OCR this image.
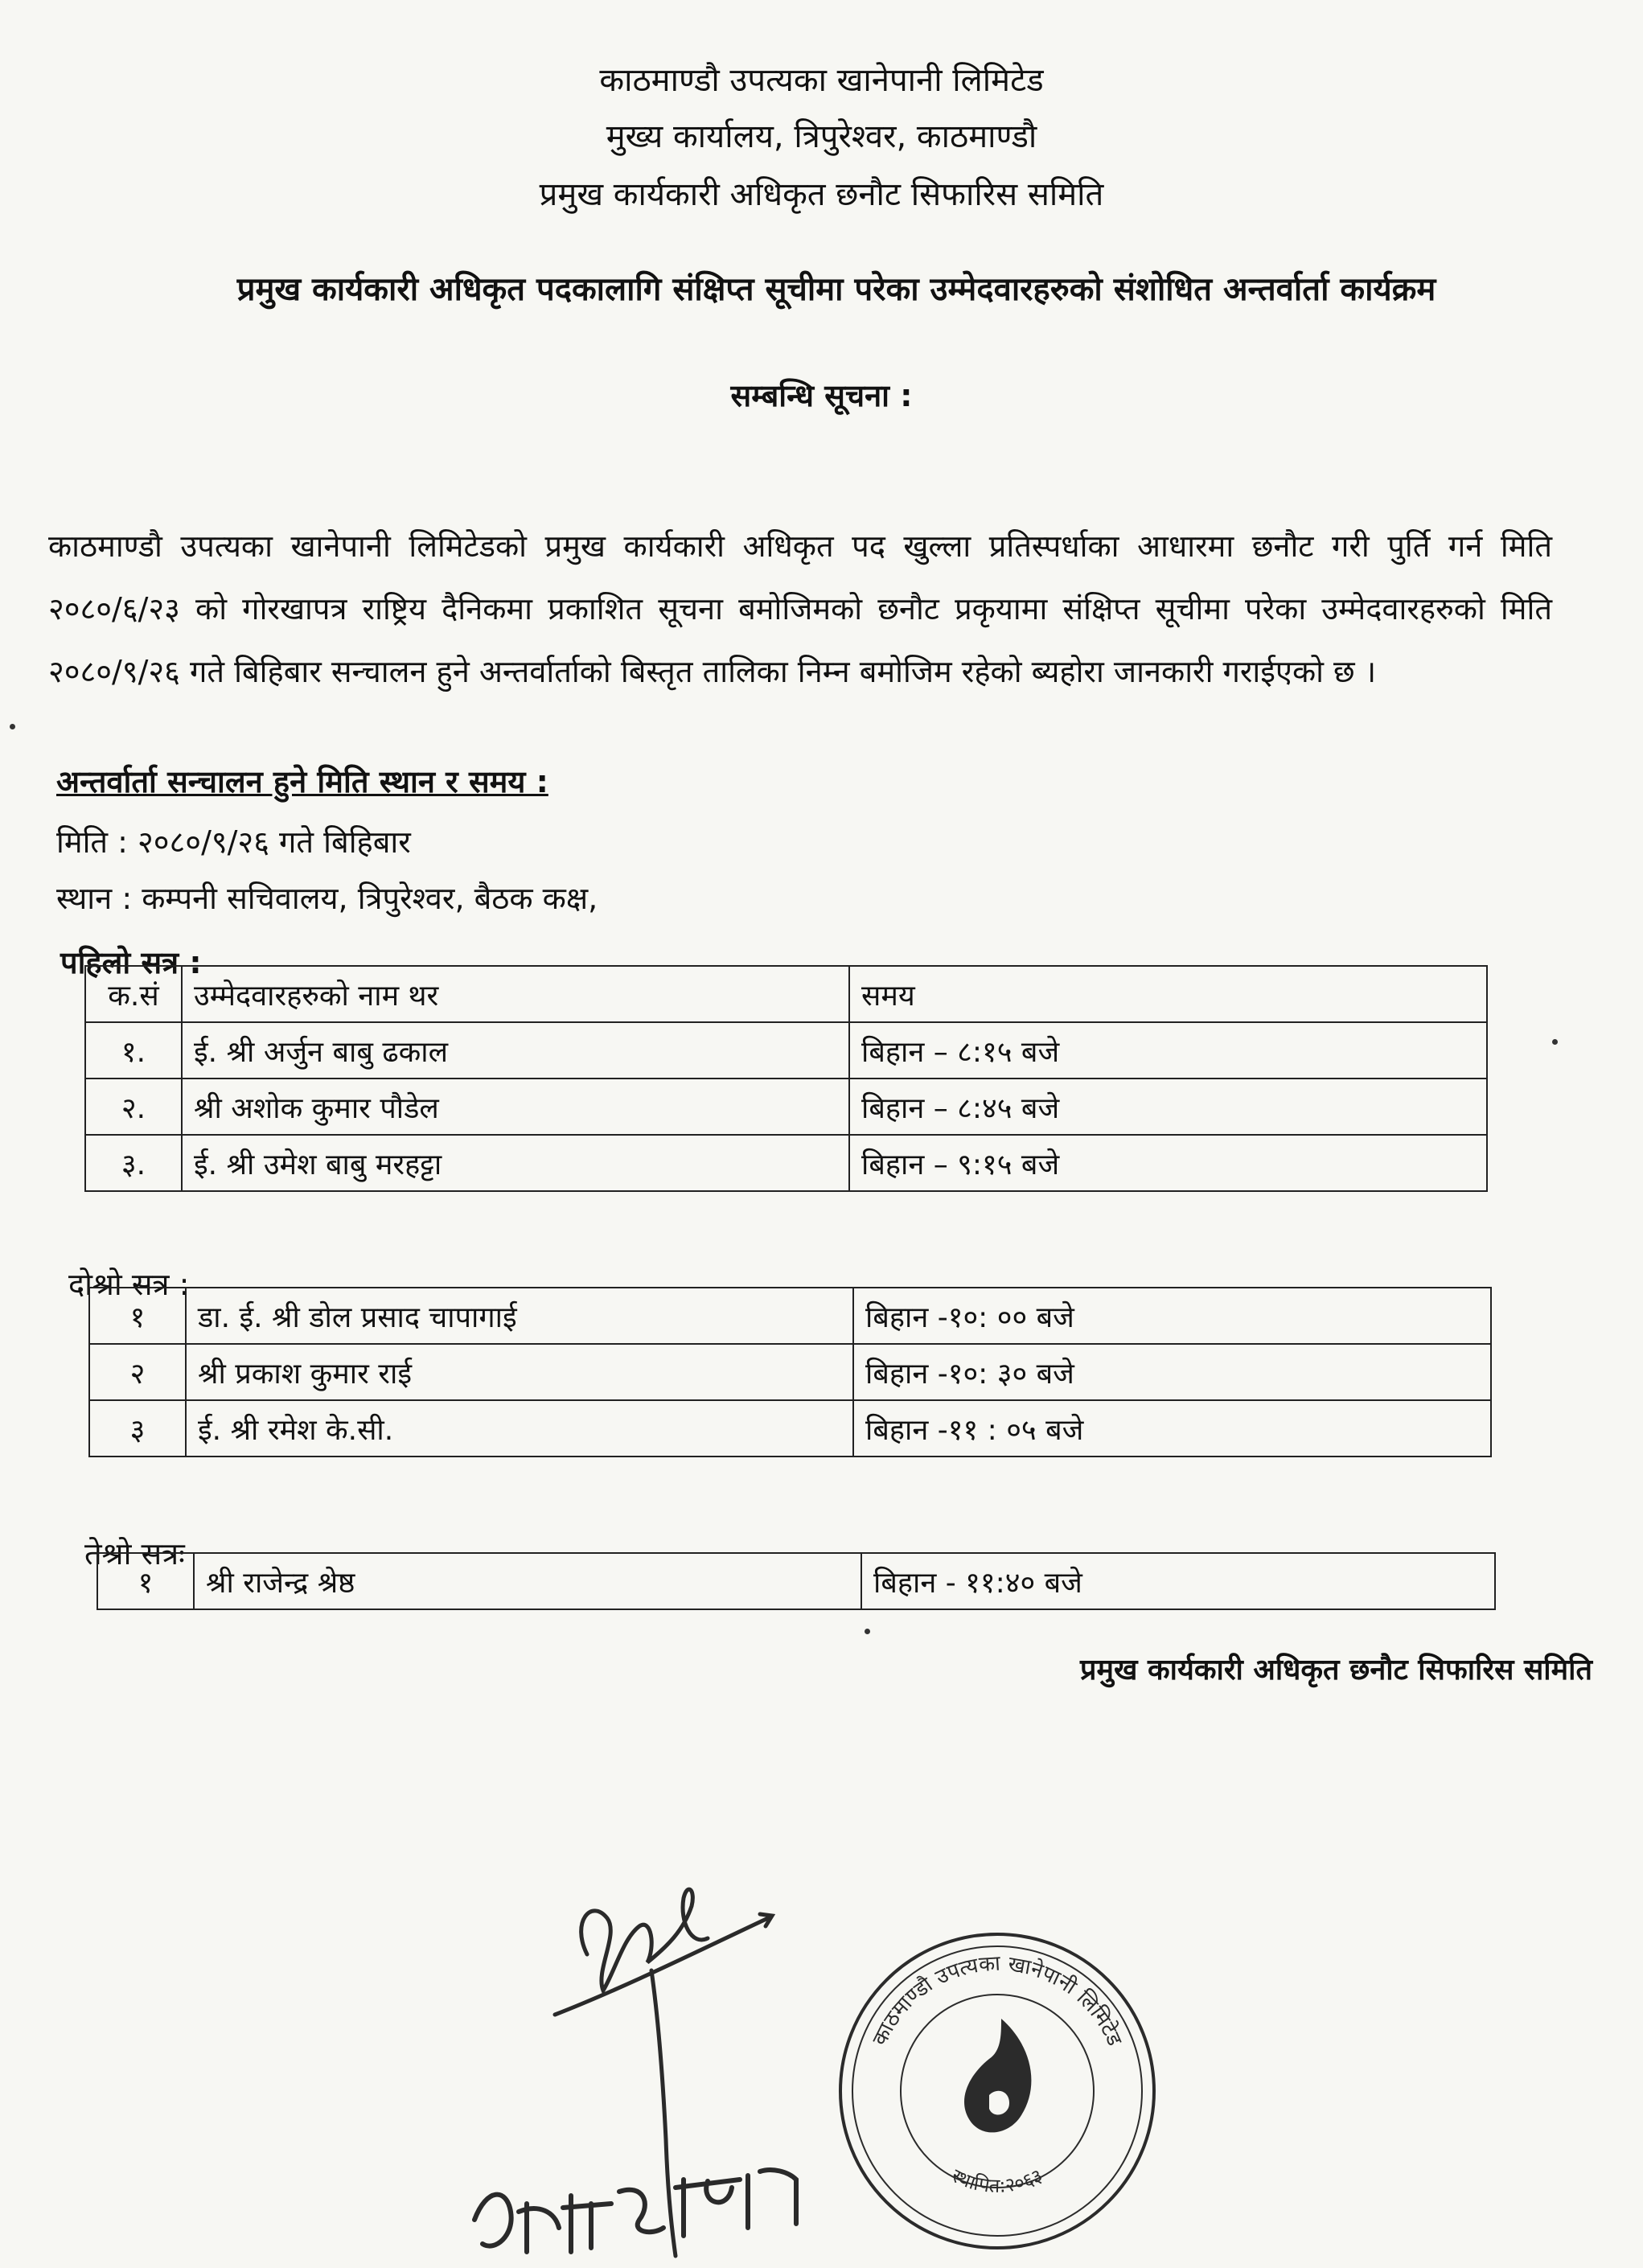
काठमाण्डौ उपत्यका खानेपानी लिमिटेड
मुख्य कार्यालय, त्रिपुरेश्वर, काठमाण्डौ
प्रमुख कार्यकारी अधिकृत छनौट सिफारिस समिति
प्रमुख कार्यकारी अधिकृत पदकालागि संक्षिप्त सूचीमा परेका उम्मेदवारहरुको संशोधित अन्तर्वार्ता कार्यक्रम
सम्बन्धि सूचना :
काठमाण्डौ उपत्यका खानेपानी लिमिटेडको प्रमुख कार्यकारी अधिकृत पद खुल्ला प्रतिस्पर्धाका आधारमा छनौट गरी पुर्ति गर्न मिति २०८०/६/२३ को गोरखापत्र राष्ट्रिय दैनिकमा प्रकाशित सूचना बमोजिमको छनौट प्रकृयामा संक्षिप्त सूचीमा परेका उम्मेदवारहरुको मिति २०८०/९/२६ गते बिहिबार सन्चालन हुने अन्तर्वार्ताको बिस्तृत तालिका निम्न बमोजिम रहेको ब्यहोरा जानकारी गराईएको छ ।
अन्तर्वार्ता सन्चालन हुने मिति स्थान र समय :
मिति : २०८०/९/२६ गते बिहिबार
स्थान : कम्पनी सचिवालय, त्रिपुरेश्वर, बैठक कक्ष,
पहिलो सत्र :
क.सं	उम्मेदवारहरुको नाम थर	समय
१.	ई. श्री अर्जुन बाबु ढकाल	बिहान – ८:१५ बजे
२.	श्री अशोक कुमार पौडेल	बिहान – ८:४५ बजे
३.	ई. श्री उमेश बाबु मरहट्टा	बिहान – ९:१५ बजे
दोश्रो सत्र :
१	डा. ई. श्री डोल प्रसाद चापागाई	बिहान -१०: ०० बजे
२	श्री प्रकाश कुमार राई	बिहान -१०: ३० बजे
३	ई. श्री रमेश के.सी.	बिहान -११ : ०५ बजे
तेश्रो सत्रः
१	श्री राजेन्द्र श्रेष्ठ	बिहान - ११:४० बजे
प्रमुख कार्यकारी अधिकृत छनौट सिफारिस समिति
काठमाण्डौ उपत्यका खानेपानी लिमिटेड
स्थापित:२०६३
